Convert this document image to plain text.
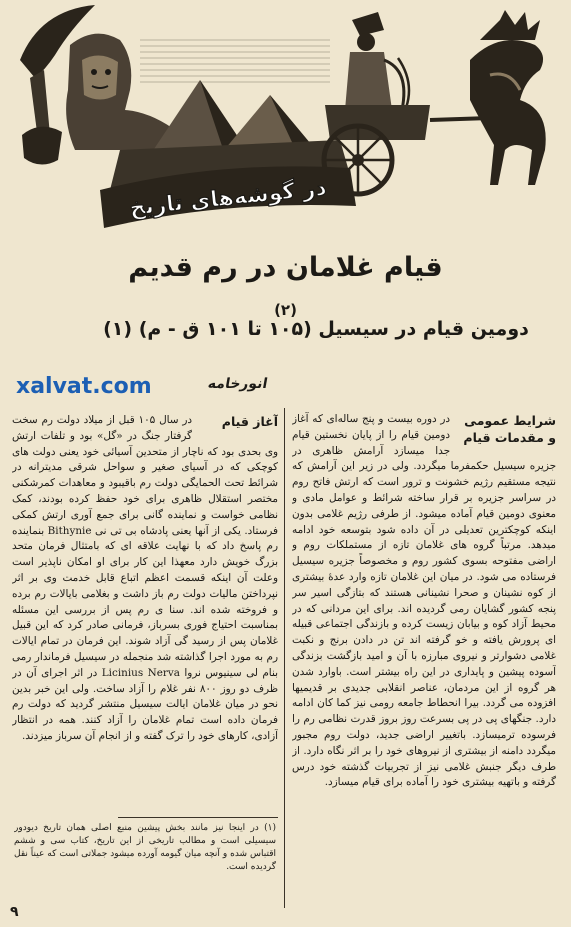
در گوشه‌های تاریخ
قیام غلامان در رم قدیم
(۲)
دومین قیام در سیسیل (۱۰۵ تا ۱۰۱ ق - م) (۱)
xalvat.com	انورخامه
شرایط عمومی و مقدمات قیام

در دوره بیست و پنج ساله‌ای که آغاز دومین قیام را از پایان نخستین قیام جدا میسازد آرامش ظاهری در جزیره سیسیل حکمفرما میگردد. ولی در زیر این آرامش که نتیجه مستقیم رژیم خشونت و ترور است که ارتش فاتح روم در سراسر جزیره بر قرار ساخته شرائط و عوامل مادی و معنوی دومین قیام آماده میشود. از طرفی رژیم غلامی بدون اینکه کوچکترین تعدیلی در آن داده شود بتوسعه خود ادامه میدهد. مرتباً گروه های غلامان تازه از مستملکات روم و اراضی مفتوحه بسوی کشور روم و مخصوصاً جزیره سیسیل فرستاده می شود. در میان این غلامان تازه وارد عدۀ بیشتری از کوه نشینان و صحرا نشینانی هستند که بتازگی اسیر سر پنجه کشور گشایان رمی گردیده اند. برای این مردانی که در محیط آزاد کوه و بیابان زیست کرده و بازندگی اجتماعی قبیله ای پرورش یافته و خو گرفته اند تن در دادن برنج و نکبت غلامی دشوارتر و نیروی مبارزه با آن و امید بازگشت بزندگی آسوده پیشین و پایداری در این راه بیشتر است. باوارد شدن هر گروه از این مردمان، عناصر انقلابی جدیدی بر قدیمیها افزوده می گردد. بیرا انحطاط جامعه رومی نیز کما کان ادامه دارد. جنگهای پی در پی بسرعت روز بروز قدرت نظامی رم را فرسوده ترمیسازد. باتغییر اراضی جدید، دولت روم مجبور میگردد دامنه از بیشتری از نیروهای خود را بر اثر نگاه دارد. از طرف دیگر جنبش غلامی نیز از تجربیات گذشته خود درس گرفته و باتهیه بیشتری خود را آماده برای قیام میسازد.

آغاز قیام

در سال ۱۰۵ قبل از میلاد دولت رم سخت گرفتار جنگ در «گل» بود و تلفات ارتش وی بحدی بود که ناچار از متحدین آسیائی خود یعنی دولت های کوچکی که در آسیای صغیر و سواحل شرقی مدیترانه در شرائط تحت الحمایگی دولت رم باقیبود و معاهدات کمرشکنی مختصر استقلال ظاهری برای خود حفظ کرده بودند، کمک نظامی خواست و نماینده گانی برای جمع آوری ارتش کمکی فرستاد. یکی از آنها یعنی پادشاه بی تی نی Bithynie بنماینده رم پاسخ داد که با نهایت علاقه ای که بامتثال فرمان متحد بزرگ خویش دارد معهذا این کار برای او امکان ناپذیر است وعلت آن اینکه قسمت اعظم اتباع قابل خدمت وی بر اثر نپرداختن مالیات دولت رم باز داشت و بغلامی بایالات رم برده و فروخته شده اند. سنا ی رم پس از بررسی این مسئله بمناسبت احتیاج فوری بسرباز، فرمانی صادر کرد که این قبیل غلامان پس از رسید گی آزاد شوند. این فرمان در تمام ایالات رم به مورد اجرا گذاشته شد منجمله در سیسیل فرماندار رمی بنام لی سینیوس نروا Licinius Nerva در اثر اجرای آن در ظرف دو روز ۸۰۰ نفر غلام را آزاد ساخت. ولی این خبر بدین نحو در میان غلامان ایالت سیسیل منتشر گردید که دولت رم فرمان داده است تمام غلامان را آزاد کنند. همه در انتظار آزادی، کارهای خود را ترک گفته و از انجام آن سرباز میزدند.

(۱) در اینجا نیز مانند بخش پیشین منبع اصلی همان تاریخ دیودور سیسیلی است و مطالب تاریخی از این تاریخ، کتاب سی و ششم اقتباس شده و آنچه میان گیومه آورده میشود جملاتی است که عیناً نقل گردیده است.
۹
